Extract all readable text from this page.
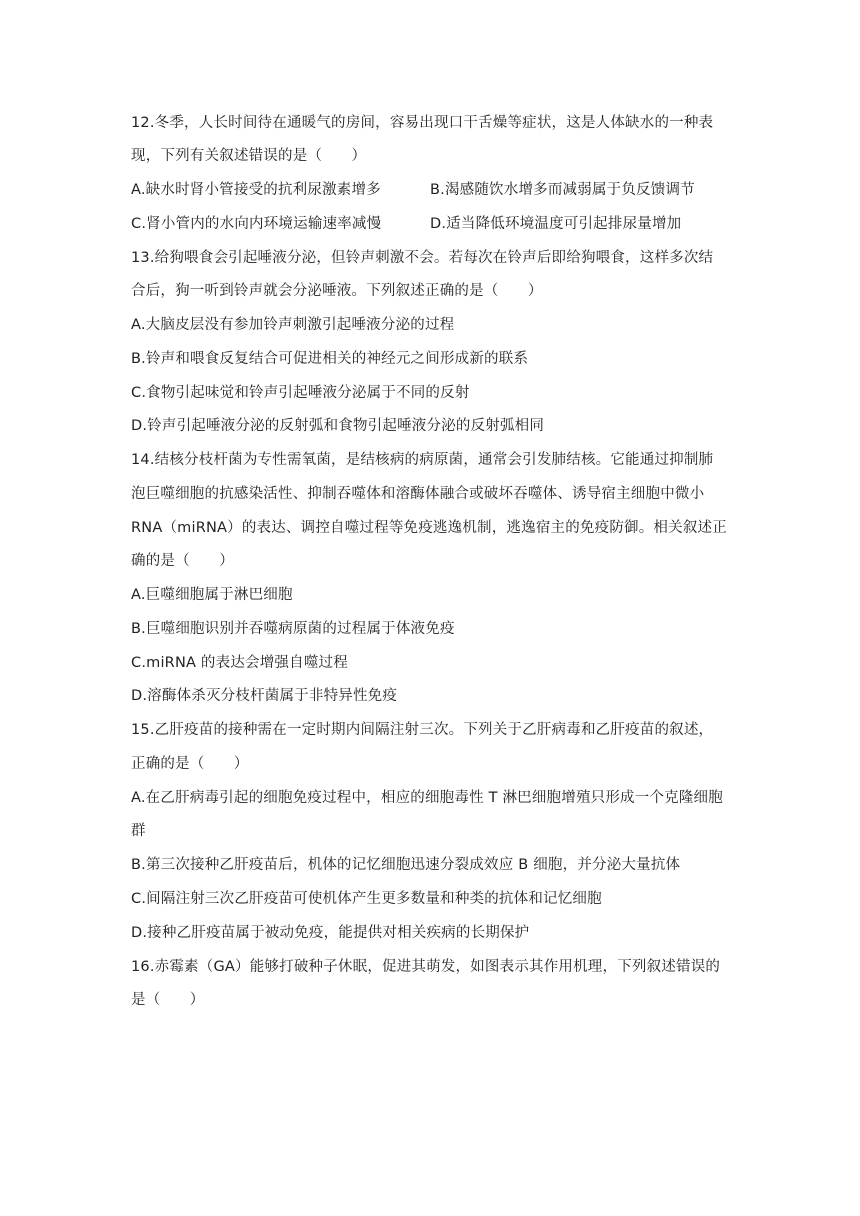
12.冬季，人长时间待在通暖气的房间，容易出现口干舌燥等症状，这是人体缺水的一种表
现，下列有关叙述错误的是（　　）
A.缺水时肾小管接受的抗利尿激素增多	B.渴感随饮水增多而减弱属于负反馈调节
C.肾小管内的水向内环境运输速率减慢	D.适当降低环境温度可引起排尿量增加
13.给狗喂食会引起唾液分泌，但铃声刺激不会。若每次在铃声后即给狗喂食，这样多次结
合后，狗一听到铃声就会分泌唾液。下列叙述正确的是（　　）
A.大脑皮层没有参加铃声刺激引起唾液分泌的过程
B.铃声和喂食反复结合可促进相关的神经元之间形成新的联系
C.食物引起味觉和铃声引起唾液分泌属于不同的反射
D.铃声引起唾液分泌的反射弧和食物引起唾液分泌的反射弧相同
14.结核分枝杆菌为专性需氧菌，是结核病的病原菌，通常会引发肺结核。它能通过抑制肺
泡巨噬细胞的抗感染活性、抑制吞噬体和溶酶体融合或破坏吞噬体、诱导宿主细胞中微小
RNA（miRNA）的表达、调控自噬过程等免疫逃逸机制，逃逸宿主的免疫防御。相关叙述正
确的是（　　）
A.巨噬细胞属于淋巴细胞
B.巨噬细胞识别并吞噬病原菌的过程属于体液免疫
C.miRNA 的表达会增强自噬过程
D.溶酶体杀灭分枝杆菌属于非特异性免疫
15.乙肝疫苗的接种需在一定时期内间隔注射三次。下列关于乙肝病毒和乙肝疫苗的叙述，
正确的是（　　）
A.在乙肝病毒引起的细胞免疫过程中，相应的细胞毒性 T 淋巴细胞增殖只形成一个克隆细胞
群
B.第三次接种乙肝疫苗后，机体的记忆细胞迅速分裂成效应 B 细胞，并分泌大量抗体
C.间隔注射三次乙肝疫苗可使机体产生更多数量和种类的抗体和记忆细胞
D.接种乙肝疫苗属于被动免疫，能提供对相关疾病的长期保护
16.赤霉素（GA）能够打破种子休眠，促进其萌发，如图表示其作用机理，下列叙述错误的
是（　　）
